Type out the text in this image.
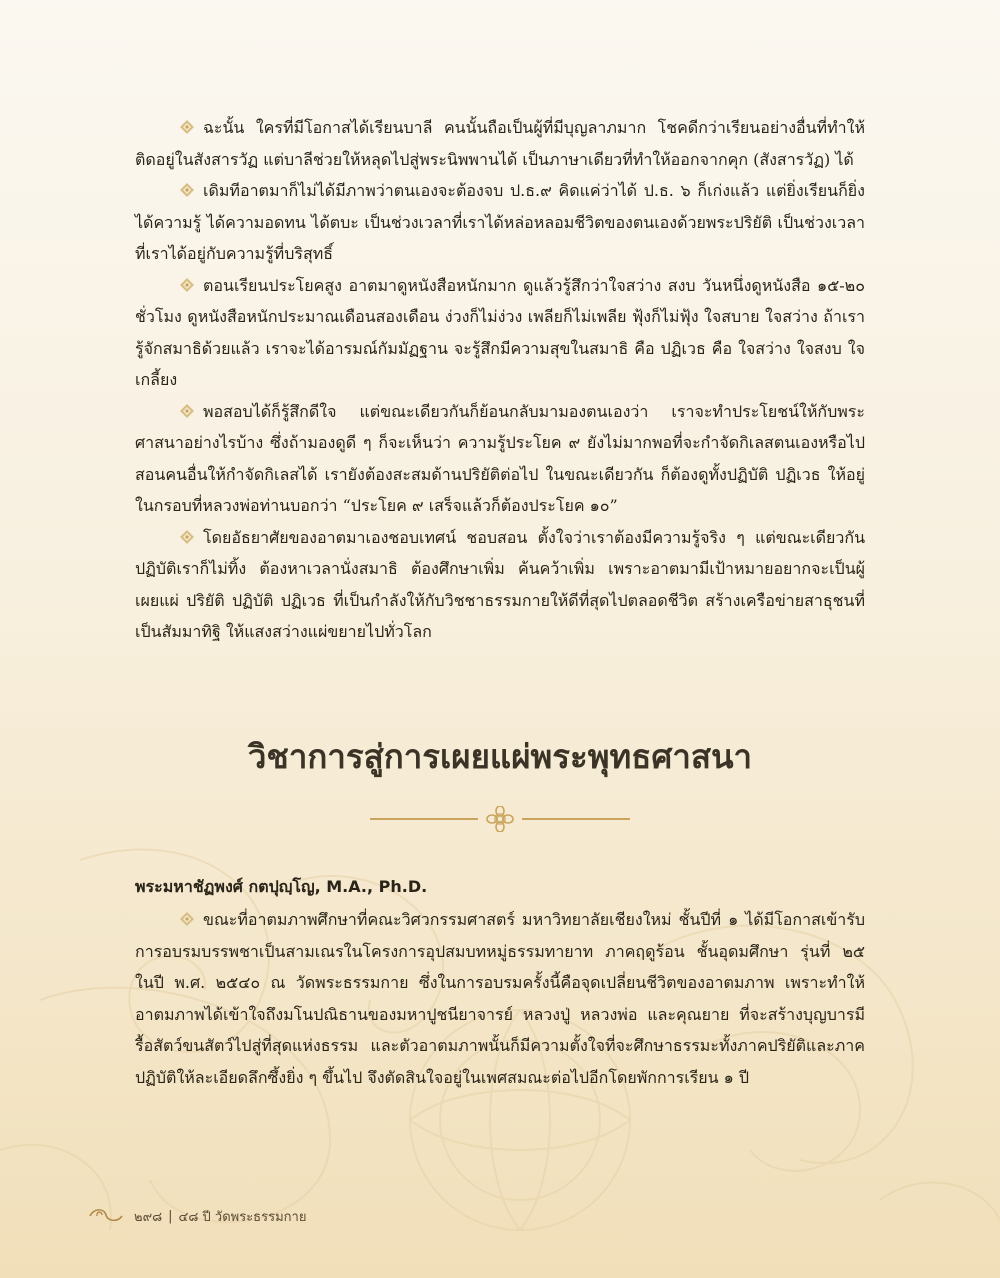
ฉะนั้น ใครที่มีโอกาสได้เรียนบาลี คนนั้นถือเป็นผู้ที่มีบุญลาภมาก โชคดีกว่าเรียนอย่างอื่นที่ทำให้ติดอยู่ในสังสารวัฏ แต่บาลีช่วยให้หลุดไปสู่พระนิพพานได้ เป็นภาษาเดียวที่ทำให้ออกจากคุก (สังสารวัฏ) ได้

เดิมทีอาตมาก็ไม่ได้มีภาพว่าตนเองจะต้องจบ ป.ธ.๙ คิดแค่ว่าได้ ป.ธ. ๖ ก็เก่งแล้ว แต่ยิ่งเรียนก็ยิ่งได้ความรู้ ได้ความอดทน ได้ตบะ เป็นช่วงเวลาที่เราได้หล่อหลอมชีวิตของตนเองด้วยพระปริยัติ เป็นช่วงเวลาที่เราได้อยู่กับความรู้ที่บริสุทธิ์

ตอนเรียนประโยคสูง อาตมาดูหนังสือหนักมาก ดูแล้วรู้สึกว่าใจสว่าง สงบ วันหนึ่งดูหนังสือ ๑๕-๒๐ ชั่วโมง ดูหนังสือหนักประมาณเดือนสองเดือน ง่วงก็ไม่ง่วง เพลียก็ไม่เพลีย ฟุ้งก็ไม่ฟุ้ง ใจสบาย ใจสว่าง ถ้าเรารู้จักสมาธิด้วยแล้ว เราจะได้อารมณ์กัมมัฏฐาน จะรู้สึกมีความสุขในสมาธิ คือ ปฏิเวธ คือ ใจสว่าง ใจสงบ ใจเกลี้ยง

พอสอบได้ก็รู้สึกดีใจ แต่ขณะเดียวกันก็ย้อนกลับมามองตนเองว่า เราจะทำประโยชน์ให้กับพระศาสนาอย่างไรบ้าง ซึ่งถ้ามองดูดี ๆ ก็จะเห็นว่า ความรู้ประโยค ๙ ยังไม่มากพอที่จะกำจัดกิเลสตนเองหรือไปสอนคนอื่นให้กำจัดกิเลสได้ เรายังต้องสะสมด้านปริยัติต่อไป ในขณะเดียวกัน ก็ต้องดูทั้งปฏิบัติ ปฏิเวธ ให้อยู่ในกรอบที่หลวงพ่อท่านบอกว่า “ประโยค ๙ เสร็จแล้วก็ต้องประโยค ๑๐”

โดยอัธยาศัยของอาตมาเองชอบเทศน์ ชอบสอน ตั้งใจว่าเราต้องมีความรู้จริง ๆ แต่ขณะเดียวกันปฏิบัติเราก็ไม่ทิ้ง ต้องหาเวลานั่งสมาธิ ต้องศึกษาเพิ่ม ค้นคว้าเพิ่ม เพราะอาตมามีเป้าหมายอยากจะเป็นผู้เผยแผ่ ปริยัติ ปฏิบัติ ปฏิเวธ ที่เป็นกำลังให้กับวิชชาธรรมกายให้ดีที่สุดไปตลอดชีวิต สร้างเครือข่ายสาธุชนที่เป็นสัมมาทิฐิ ให้แสงสว่างแผ่ขยายไปทั่วโลก

วิชาการสู่การเผยแผ่พระพุทธศาสนา

พระมหาชัฏพงศ์ กตปุญฺโญ, M.A., Ph.D.

ขณะที่อาตมภาพศึกษาที่คณะวิศวกรรมศาสตร์ มหาวิทยาลัยเชียงใหม่ ชั้นปีที่ ๑ ได้มีโอกาสเข้ารับการอบรมบรรพชาเป็นสามเณรในโครงการอุปสมบทหมู่ธรรมทายาท ภาคฤดูร้อน ชั้นอุดมศึกษา รุ่นที่ ๒๕ ในปี พ.ศ. ๒๕๔๐ ณ วัดพระธรรมกาย ซึ่งในการอบรมครั้งนี้คือจุดเปลี่ยนชีวิตของอาตมภาพ เพราะทำให้อาตมภาพได้เข้าใจถึงมโนปณิธานของมหาปูชนียาจารย์ หลวงปู่ หลวงพ่อ และคุณยาย ที่จะสร้างบุญบารมี รื้อสัตว์ขนสัตว์ไปสู่ที่สุดแห่งธรรม และตัวอาตมภาพนั้นก็มีความตั้งใจที่จะศึกษาธรรมะทั้งภาคปริยัติและภาคปฏิบัติให้ละเอียดลึกซึ้งยิ่ง ๆ ขึ้นไป จึงตัดสินใจอยู่ในเพศสมณะต่อไปอีกโดยพักการเรียน ๑ ปี

๒๙๘ | ๔๘ ปี วัดพระธรรมกาย
